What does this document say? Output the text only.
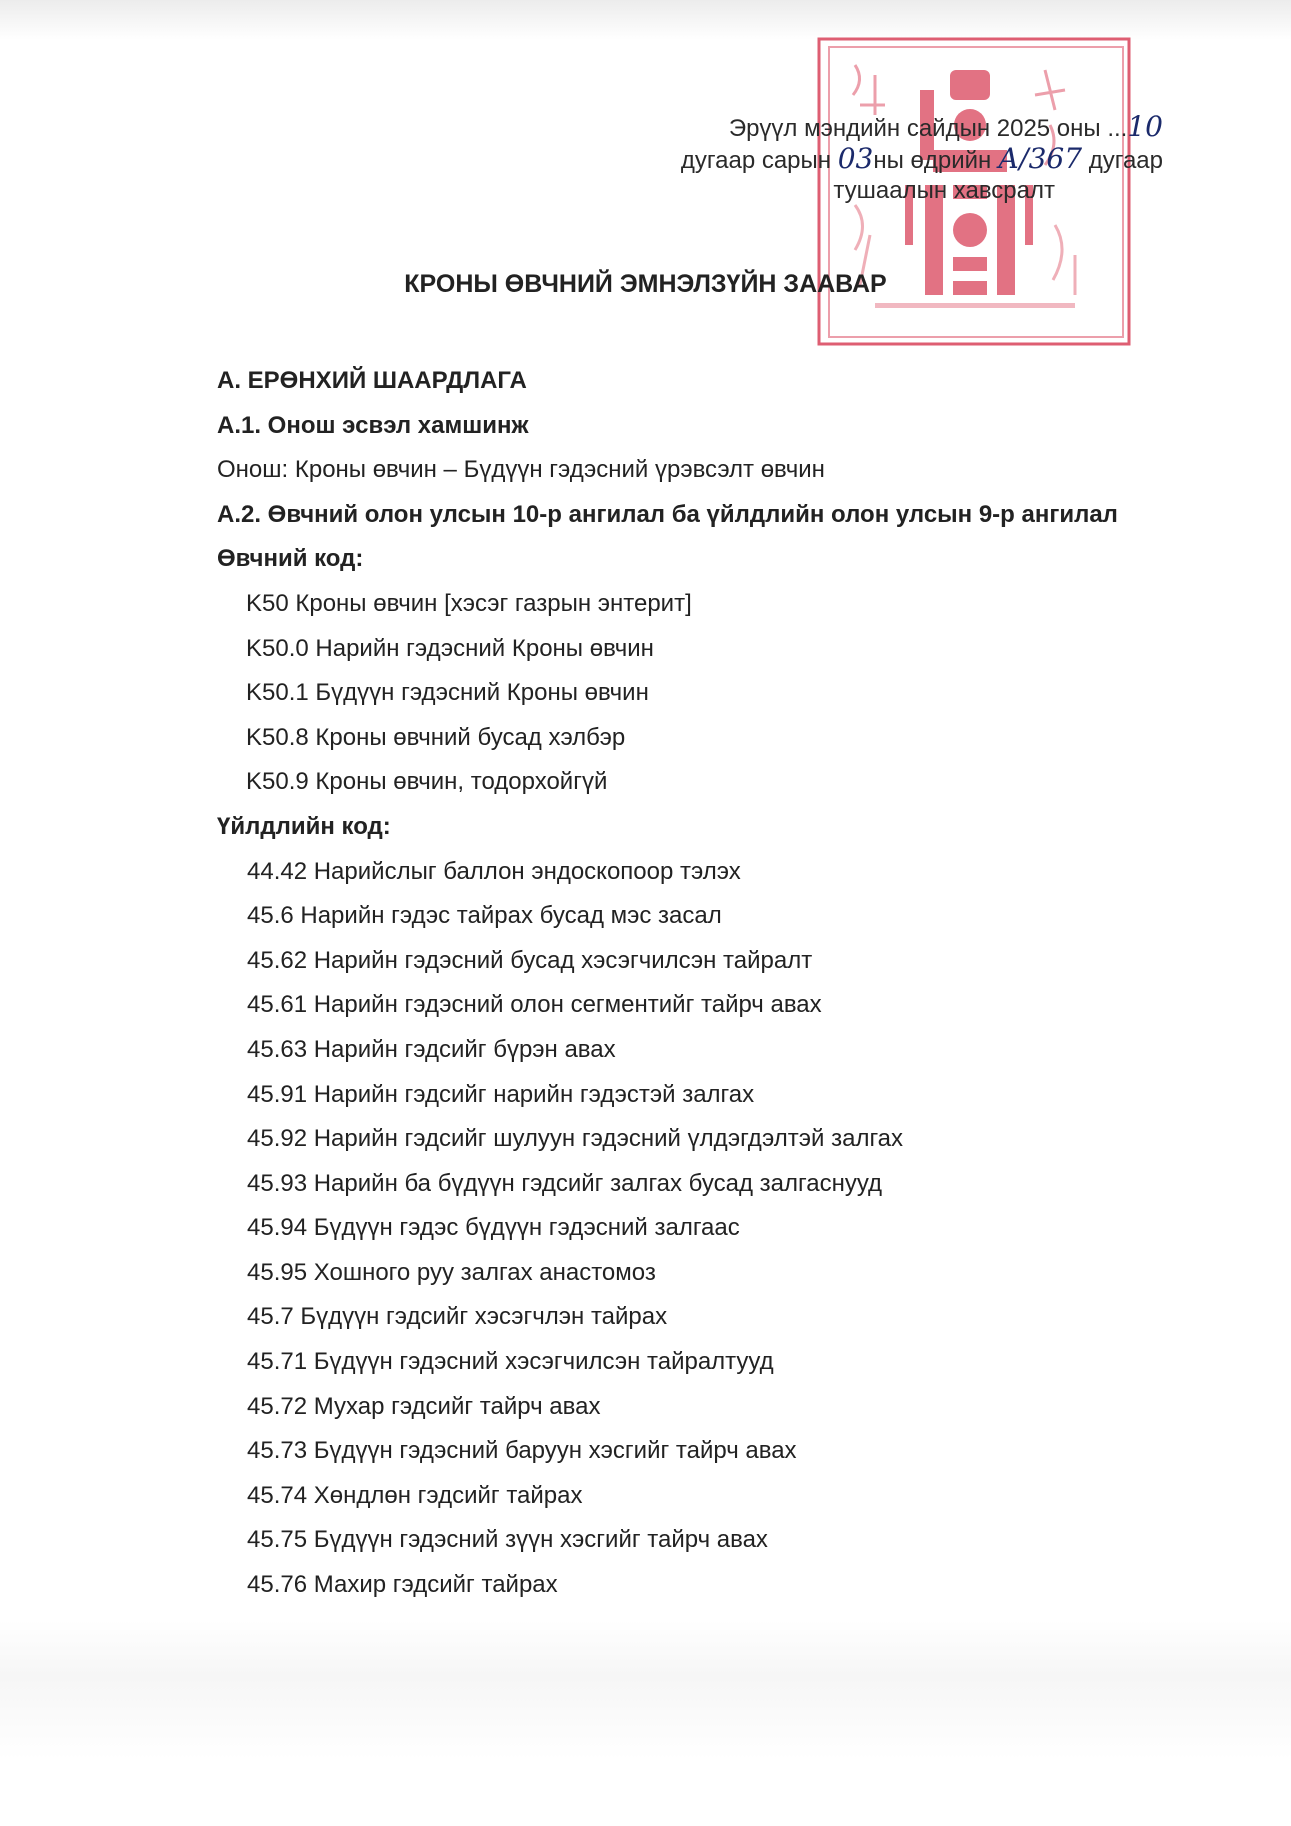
Эрүүл мэндийн сайдын 2025 оны ...10
дугаар сарын 03ны өдрийн А/367 дугаар
тушаалын хавсралт
КРОНЫ ӨВЧНИЙ ЭМНЭЛЗҮЙН ЗААВАР
А. ЕРӨНХИЙ ШААРДЛАГА
А.1. Онош эсвэл хамшинж
Онош: Кроны өвчин – Бүдүүн гэдэсний үрэвсэлт өвчин
А.2. Өвчний олон улсын 10-р ангилал ба үйлдлийн олон улсын 9-р ангилал
Өвчний код:
K50 Кроны өвчин [хэсэг газрын энтерит]
K50.0 Нарийн гэдэсний Кроны өвчин
K50.1 Бүдүүн гэдэсний Кроны өвчин
K50.8 Кроны өвчний бусад хэлбэр
K50.9 Кроны өвчин, тодорхойгүй
Үйлдлийн код:
44.42 Нарийслыг баллон эндоскопоор тэлэх
45.6 Нарийн гэдэс тайрах бусад мэс засал
45.62 Нарийн гэдэсний бусад хэсэгчилсэн тайралт
45.61 Нарийн гэдэсний олон сегментийг тайрч авах
45.63 Нарийн гэдсийг бүрэн авах
45.91 Нарийн гэдсийг нарийн гэдэстэй залгах
45.92 Нарийн гэдсийг шулуун гэдэсний үлдэгдэлтэй залгах
45.93 Нарийн ба бүдүүн гэдсийг залгах бусад залгаснууд
45.94 Бүдүүн гэдэс бүдүүн гэдэсний залгаас
45.95 Хошного руу залгах анастомоз
45.7 Бүдүүн гэдсийг хэсэгчлэн тайрах
45.71 Бүдүүн гэдэсний хэсэгчилсэн тайралтууд
45.72 Мухар гэдсийг тайрч авах
45.73 Бүдүүн гэдэсний баруун хэсгийг тайрч авах
45.74 Хөндлөн гэдсийг тайрах
45.75 Бүдүүн гэдэсний зүүн хэсгийг тайрч авах
45.76 Махир гэдсийг тайрах
